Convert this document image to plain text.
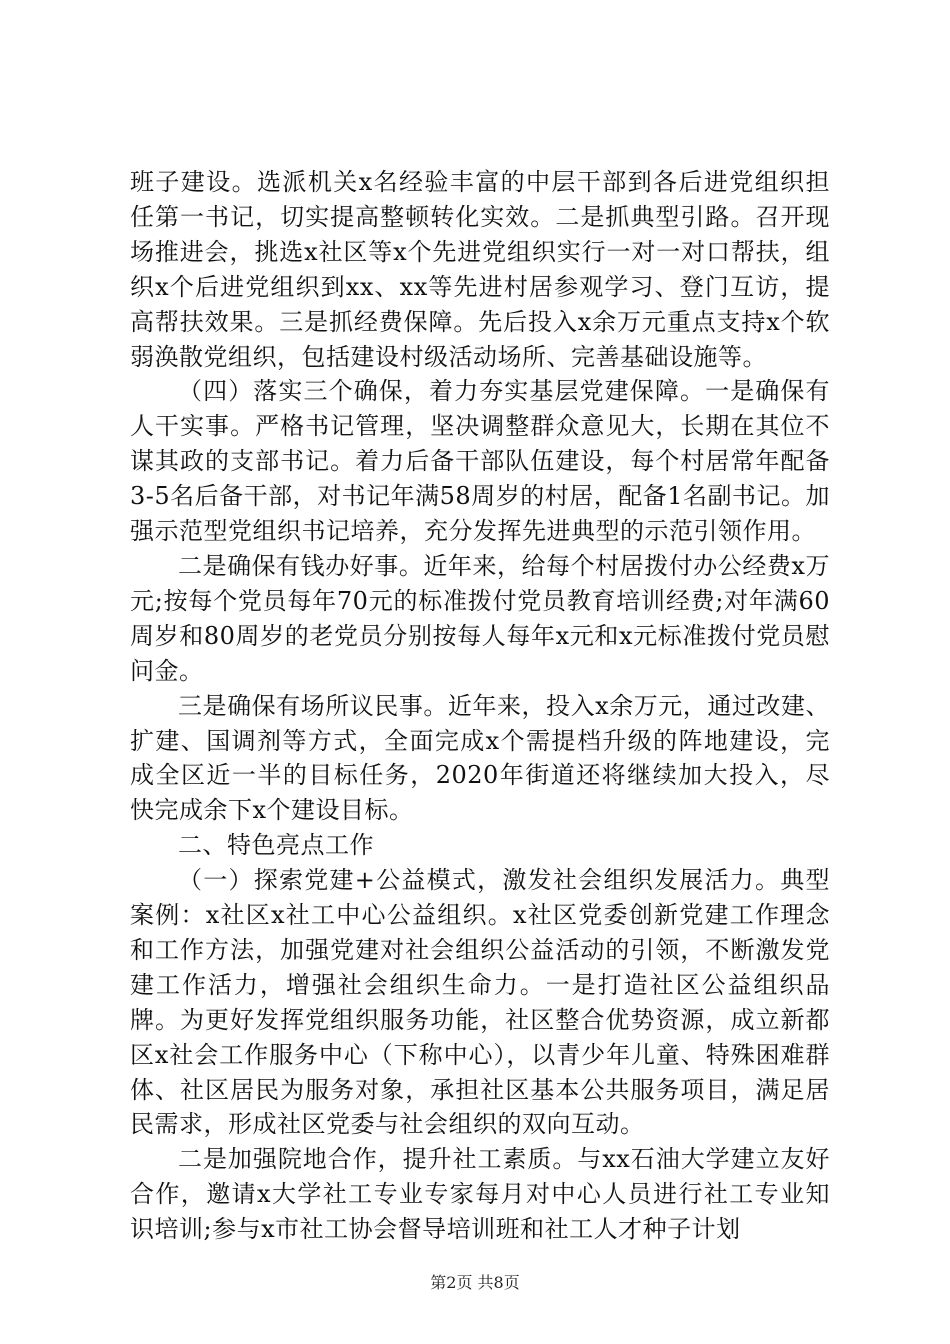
班子建设。选派机关x名经验丰富的中层干部到各后进党组织担任第一书记，切实提高整顿转化实效。二是抓典型引路。召开现场推进会，挑选x社区等x个先进党组织实行一对一对口帮扶，组织x个后进党组织到xx、xx等先进村居参观学习、登门互访，提高帮扶效果。三是抓经费保障。先后投入x余万元重点支持x个软弱涣散党组织，包括建设村级活动场所、完善基础设施等。

（四）落实三个确保，着力夯实基层党建保障。一是确保有人干实事。严格书记管理，坚决调整群众意见大，长期在其位不谋其政的支部书记。着力后备干部队伍建设，每个村居常年配备3-5名后备干部，对书记年满58周岁的村居，配备1名副书记。加强示范型党组织书记培养，充分发挥先进典型的示范引领作用。

二是确保有钱办好事。近年来，给每个村居拨付办公经费x万元;按每个党员每年70元的标准拨付党员教育培训经费;对年满60周岁和80周岁的老党员分别按每人每年x元和x元标准拨付党员慰问金。

三是确保有场所议民事。近年来，投入x余万元，通过改建、扩建、国调剂等方式，全面完成x个需提档升级的阵地建设，完成全区近一半的目标任务，2020年街道还将继续加大投入，尽快完成余下x个建设目标。

二、特色亮点工作

（一）探索党建+公益模式，激发社会组织发展活力。典型案例：x社区x社工中心公益组织。x社区党委创新党建工作理念和工作方法，加强党建对社会组织公益活动的引领，不断激发党建工作活力，增强社会组织生命力。一是打造社区公益组织品牌。为更好发挥党组织服务功能，社区整合优势资源，成立新都区x社会工作服务中心（下称中心），以青少年儿童、特殊困难群体、社区居民为服务对象，承担社区基本公共服务项目，满足居民需求，形成社区党委与社会组织的双向互动。

二是加强院地合作，提升社工素质。与xx石油大学建立友好合作，邀请x大学社工专业专家每月对中心人员进行社工专业知识培训;参与x市社工协会督导培训班和社工人才种子计划

第2页 共8页
